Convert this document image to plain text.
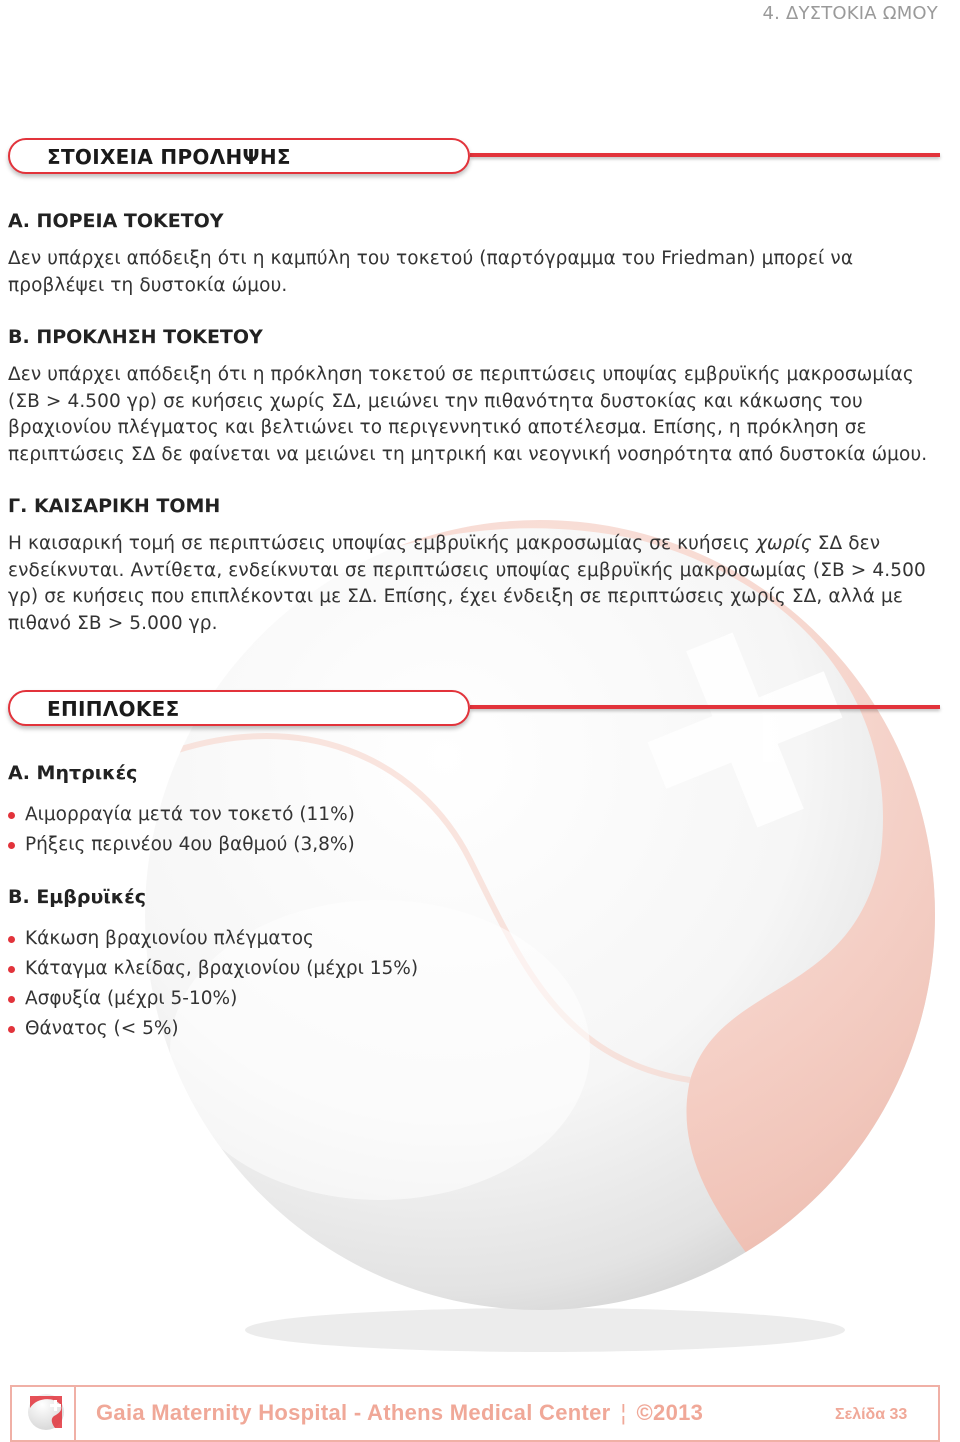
4. ΔΥΣΤΟΚΙΑ ΩΜΟΥ
ΣΤΟΙΧΕΙΑ ΠΡΟΛΗΨΗΣ
Α. ΠΟΡΕΙΑ ΤΟΚΕΤΟΥ
Δεν υπάρχει απόδειξη ότι η καμπύλη του τοκετού (παρτόγραμμα του Friedman) μπορεί να προβλέψει τη δυστοκία ώμου.
Β. ΠΡΟΚΛΗΣΗ ΤΟΚΕΤΟΥ
Δεν υπάρχει απόδειξη ότι η πρόκληση τοκετού σε περιπτώσεις υποψίας εμβρυϊκής μακροσωμίας (ΣΒ > 4.500 γρ) σε κυήσεις χωρίς ΣΔ, μειώνει την πιθανότητα δυστοκίας και κάκωσης του βραχιονίου πλέγματος και βελτιώνει το περιγεννητικό αποτέλεσμα. Επίσης, η πρόκληση σε περιπτώσεις ΣΔ δε φαίνεται να μειώνει τη μητρική και νεογνική νοσηρότητα από δυστοκία ώμου.
Γ. ΚΑΙΣΑΡΙΚΗ ΤΟΜΗ
Η καισαρική τομή σε περιπτώσεις υποψίας εμβρυϊκής μακροσωμίας σε κυήσεις χωρίς ΣΔ δεν ενδείκνυται. Αντίθετα, ενδείκνυται σε περιπτώσεις υποψίας εμβρυϊκής μακροσωμίας (ΣΒ > 4.500 γρ) σε κυήσεις που επιπλέκονται με ΣΔ. Επίσης, έχει ένδειξη σε περιπτώσεις χωρίς ΣΔ, αλλά με πιθανό ΣΒ > 5.000 γρ.
ΕΠΙΠΛΟΚΕΣ
Α. Μητρικές
Αιμορραγία μετά τον τοκετό (11%)
Ρήξεις περινέου 4ου βαθμού (3,8%)
Β. Εμβρυϊκές
Κάκωση βραχιονίου πλέγματος
Κάταγμα κλείδας, βραχιονίου (μέχρι 15%)
Ασφυξία (μέχρι 5-10%)
Θάνατος (< 5%)
Gaia Maternity Hospital - Athens Medical Center ¦ ©2013	Σελίδα 33
